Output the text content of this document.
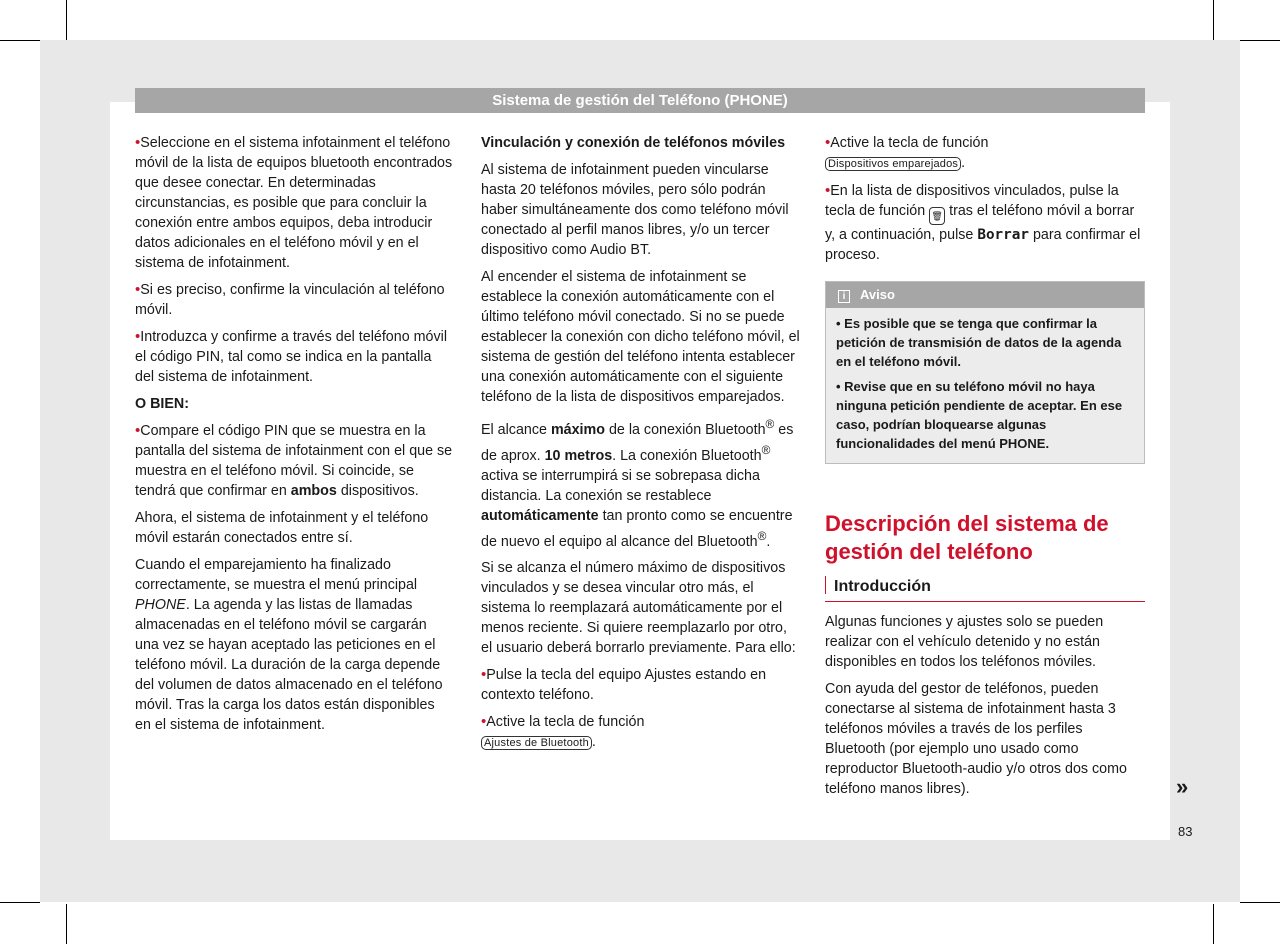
Sistema de gestión del Teléfono (PHONE)

• Seleccione en el sistema infotainment el teléfono móvil de la lista de equipos bluetooth encontrados que desee conectar. En determinadas circunstancias, es posible que para concluir la conexión entre ambos equipos, deba introducir datos adicionales en el teléfono móvil y en el sistema de infotainment.

• Si es preciso, confirme la vinculación al teléfono móvil.

• Introduzca y confirme a través del teléfono móvil el código PIN, tal como se indica en la pantalla del sistema de infotainment.

O BIEN:

• Compare el código PIN que se muestra en la pantalla del sistema de infotainment con el que se muestra en el teléfono móvil. Si coincide, se tendrá que confirmar en ambos dispositivos.

Ahora, el sistema de infotainment y el teléfono móvil estarán conectados entre sí.

Cuando el emparejamiento ha finalizado correctamente, se muestra el menú principal PHONE. La agenda y las listas de llamadas almacenadas en el teléfono móvil se cargarán una vez se hayan aceptado las peticiones en el teléfono móvil. La duración de la carga depende del volumen de datos almacenado en el teléfono móvil. Tras la carga los datos están disponibles en el sistema de infotainment.

Vinculación y conexión de teléfonos móviles

Al sistema de infotainment pueden vincularse hasta 20 teléfonos móviles, pero sólo podrán haber simultáneamente dos como teléfono móvil conectado al perfil manos libres, y/o un tercer dispositivo como Audio BT.

Al encender el sistema de infotainment se establece la conexión automáticamente con el último teléfono móvil conectado. Si no se puede establecer la conexión con dicho teléfono móvil, el sistema de gestión del teléfono intenta establecer una conexión automáticamente con el siguiente teléfono de la lista de dispositivos emparejados.

El alcance máximo de la conexión Bluetooth® es de aprox. 10 metros. La conexión Bluetooth® activa se interrumpirá si se sobrepasa dicha distancia. La conexión se restablece automáticamente tan pronto como se encuentre de nuevo el equipo al alcance del Bluetooth®.

Si se alcanza el número máximo de dispositivos vinculados y se desea vincular otro más, el sistema lo reemplazará automáticamente por el menos reciente. Si quiere reemplazarlo por otro, el usuario deberá borrarlo previamente. Para ello:

• Pulse la tecla del equipo Ajustes estando en contexto teléfono.

• Active la tecla de función
Ajustes de Bluetooth .

• Active la tecla de función
Dispositivos emparejados .

• En la lista de dispositivos vinculados, pulse la tecla de función 🗑 tras el teléfono móvil a borrar y, a continuación, pulse Borrar para confirmar el proceso.

i Aviso

• Es posible que se tenga que confirmar la petición de transmisión de datos de la agenda en el teléfono móvil.

• Revise que en su teléfono móvil no haya ninguna petición pendiente de aceptar. En ese caso, podrían bloquearse algunas funcionalidades del menú PHONE.

Descripción del sistema de gestión del teléfono
Introducción

Algunas funciones y ajustes solo se pueden realizar con el vehículo detenido y no están disponibles en todos los teléfonos móviles.

Con ayuda del gestor de teléfonos, pueden conectarse al sistema de infotainment hasta 3 teléfonos móviles a través de los perfiles Bluetooth (por ejemplo uno usado como reproductor Bluetooth-audio y/o otros dos como teléfono manos libres).	»
83
